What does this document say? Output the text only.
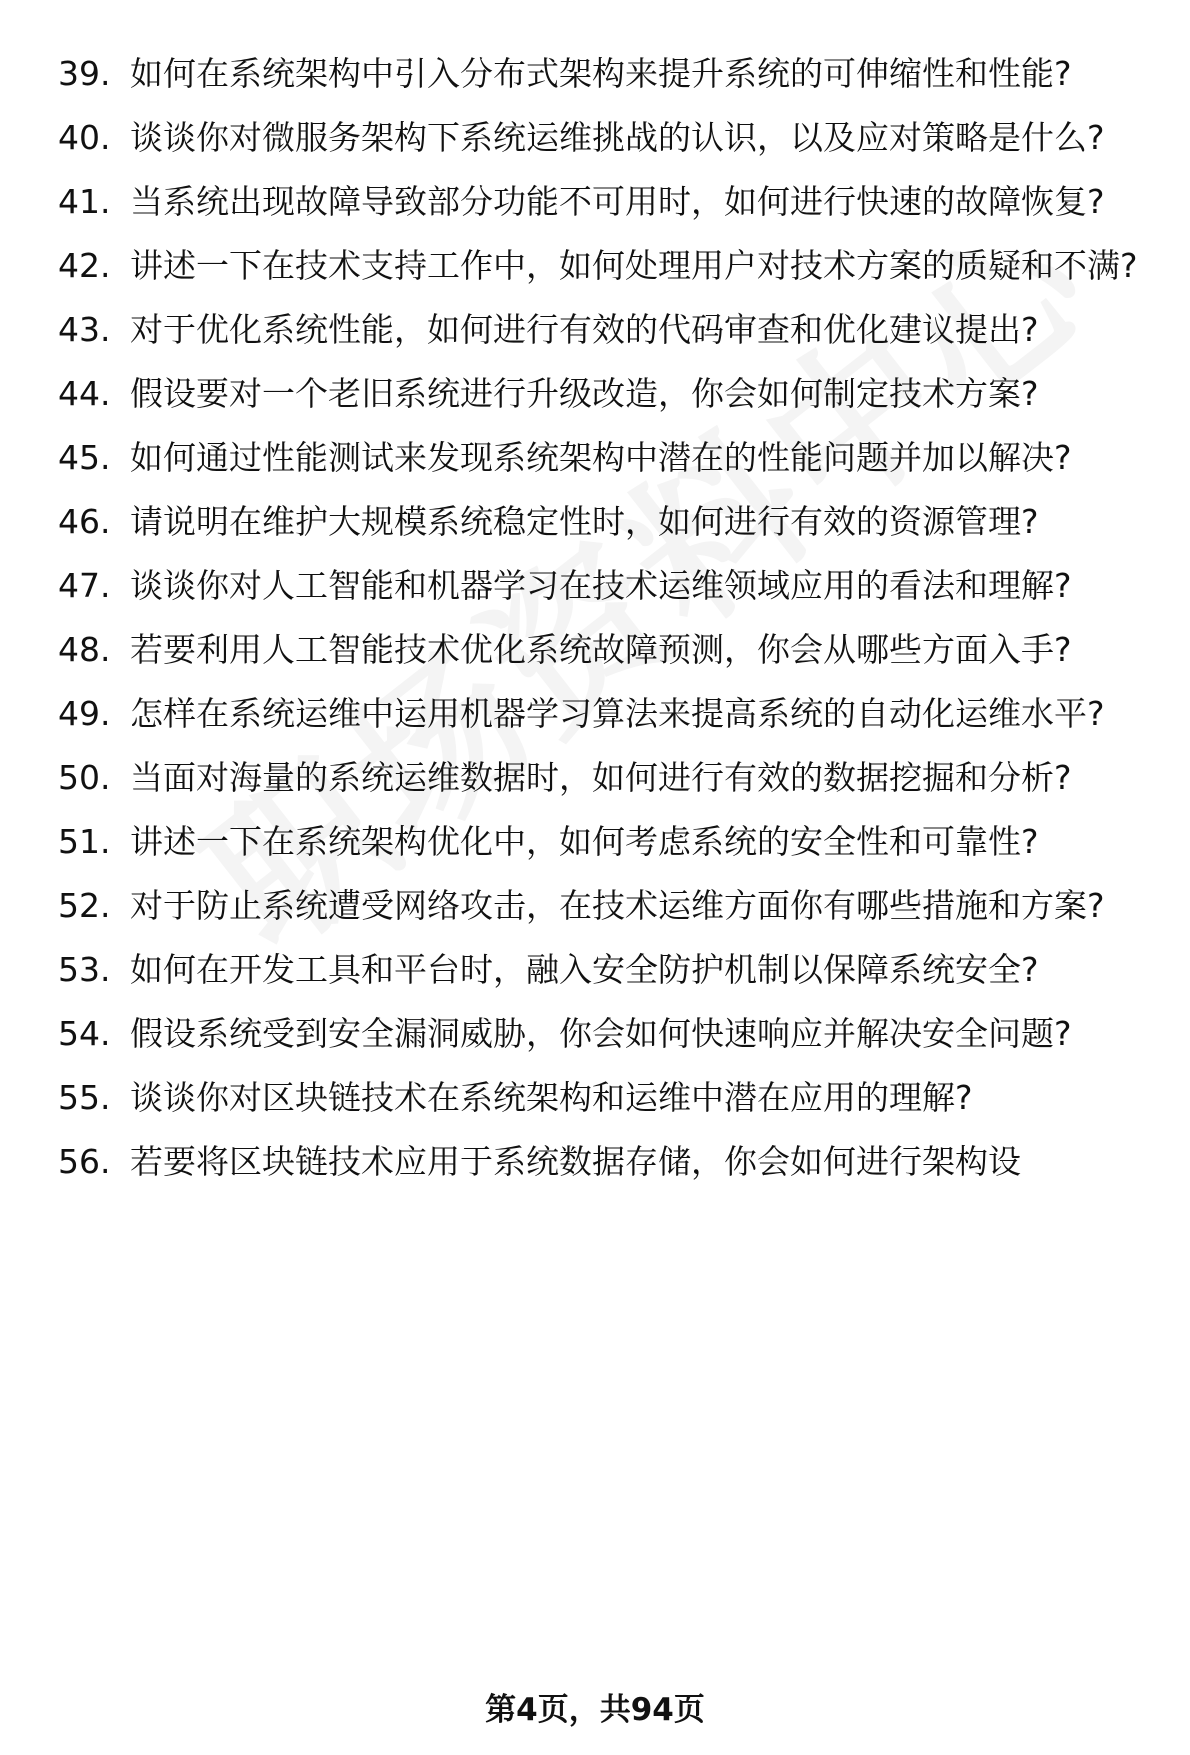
39. 如何在系统架构中引入分布式架构来提升系统的可伸缩性和性能?
40. 谈谈你对微服务架构下系统运维挑战的认识，以及应对策略是什么?
41. 当系统出现故障导致部分功能不可用时，如何进行快速的故障恢复?
42. 讲述一下在技术支持工作中，如何处理用户对技术方案的质疑和不满?
43. 对于优化系统性能，如何进行有效的代码审查和优化建议提出?
44. 假设要对一个老旧系统进行升级改造，你会如何制定技术方案?
45. 如何通过性能测试来发现系统架构中潜在的性能问题并加以解决?
46. 请说明在维护大规模系统稳定性时，如何进行有效的资源管理?
47. 谈谈你对人工智能和机器学习在技术运维领域应用的看法和理解?
48. 若要利用人工智能技术优化系统故障预测，你会从哪些方面入手?
49. 怎样在系统运维中运用机器学习算法来提高系统的自动化运维水平?
50. 当面对海量的系统运维数据时，如何进行有效的数据挖掘和分析?
51. 讲述一下在系统架构优化中，如何考虑系统的安全性和可靠性?
52. 对于防止系统遭受网络攻击，在技术运维方面你有哪些措施和方案?
53. 如何在开发工具和平台时，融入安全防护机制以保障系统安全?
54. 假设系统受到安全漏洞威胁，你会如何快速响应并解决安全问题?
55. 谈谈你对区块链技术在系统架构和运维中潜在应用的理解?
56. 若要将区块链技术应用于系统数据存储，你会如何进行架构设
第4页，共94页
